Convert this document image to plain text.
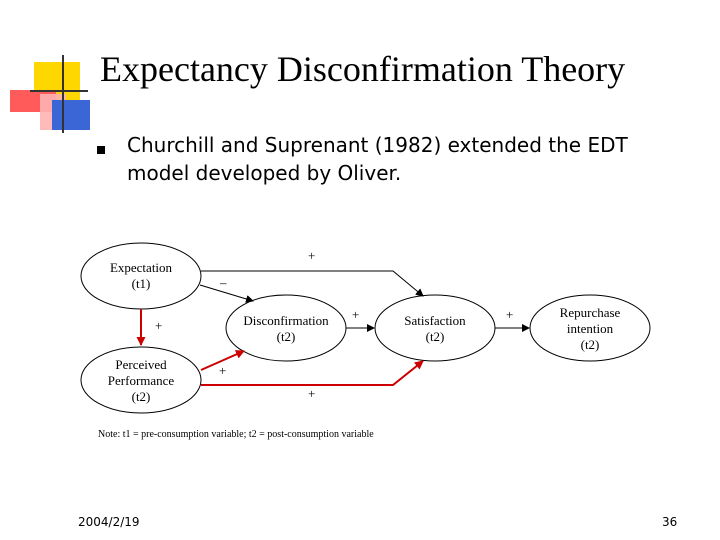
Expectancy Disconfirmation Theory
Churchill and Suprenant (1982) extended the EDT model developed by Oliver.
Expectation
(t1)
Perceived
Performance
(t2)
Disconfirmation
(t2)
Satisfaction
(t2)
Repurchase
intention
(t2)
+
–
+
+	+
+
+
Note: t1 = pre-consumption variable; t2 = post-consumption variable
2004/2/19	36
